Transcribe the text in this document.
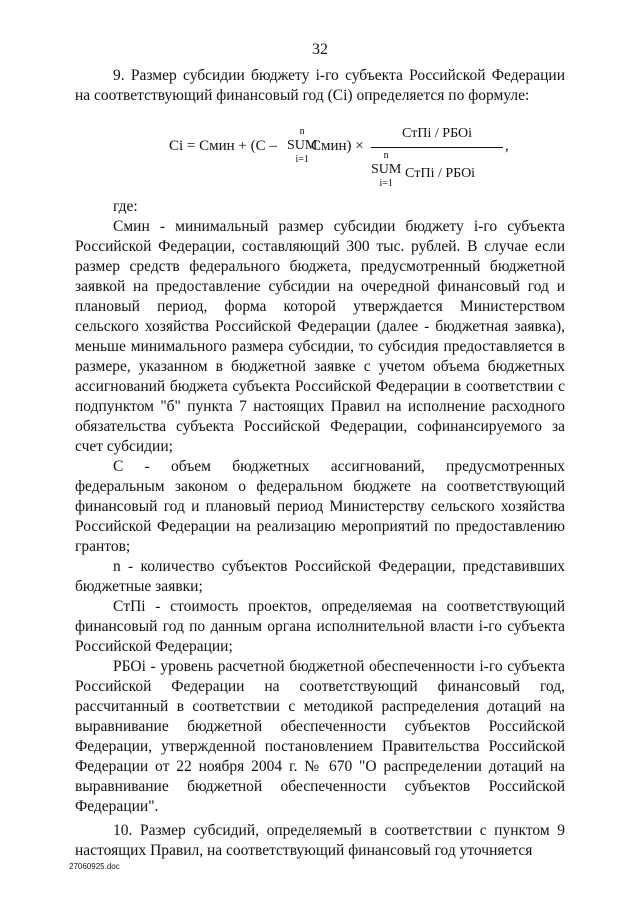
32

9. Размер субсидии бюджету i-го субъекта Российской Федерации на соответствующий финансовый год (Ci) определяется по формуле:

Ci = Cмин + (C –
n
SUM
i=1
Cмин) ×
CтПi / РБОi
n
SUM
i=1
CтПi / РБОi
,

где:

Cмин - минимальный размер субсидии бюджету i-го субъекта Российской Федерации, составляющий 300 тыс. рублей. В случае если размер средств федерального бюджета, предусмотренный бюджетной заявкой на предоставление субсидии на очередной финансовый год и плановый период, форма которой утверждается Министерством сельского хозяйства Российской Федерации (далее - бюджетная заявка), меньше минимального размера субсидии, то субсидия предоставляется в размере, указанном в бюджетной заявке с учетом объема бюджетных ассигнований бюджета субъекта Российской Федерации в соответствии с подпунктом "б" пункта 7 настоящих Правил на исполнение расходного обязательства субъекта Российской Федерации, софинансируемого за счет субсидии;

C - объем бюджетных ассигнований, предусмотренных федеральным законом о федеральном бюджете на соответствующий финансовый год и плановый период Министерству сельского хозяйства Российской Федерации на реализацию мероприятий по предоставлению грантов;

n - количество субъектов Российской Федерации, представивших бюджетные заявки;

CтПi - стоимость проектов, определяемая на соответствующий финансовый год по данным органа исполнительной власти i-го субъекта Российской Федерации;

РБОi - уровень расчетной бюджетной обеспеченности i-го субъекта Российской Федерации на соответствующий финансовый год, рассчитанный в соответствии с методикой распределения дотаций на выравнивание бюджетной обеспеченности субъектов Российской Федерации, утвержденной постановлением Правительства Российской Федерации от 22 ноября 2004 г. № 670 "О распределении дотаций на выравнивание бюджетной обеспеченности субъектов Российской Федерации".

10. Размер субсидий, определяемый в соответствии с пунктом 9 настоящих Правил, на соответствующий финансовый год уточняется

27060925.doc
